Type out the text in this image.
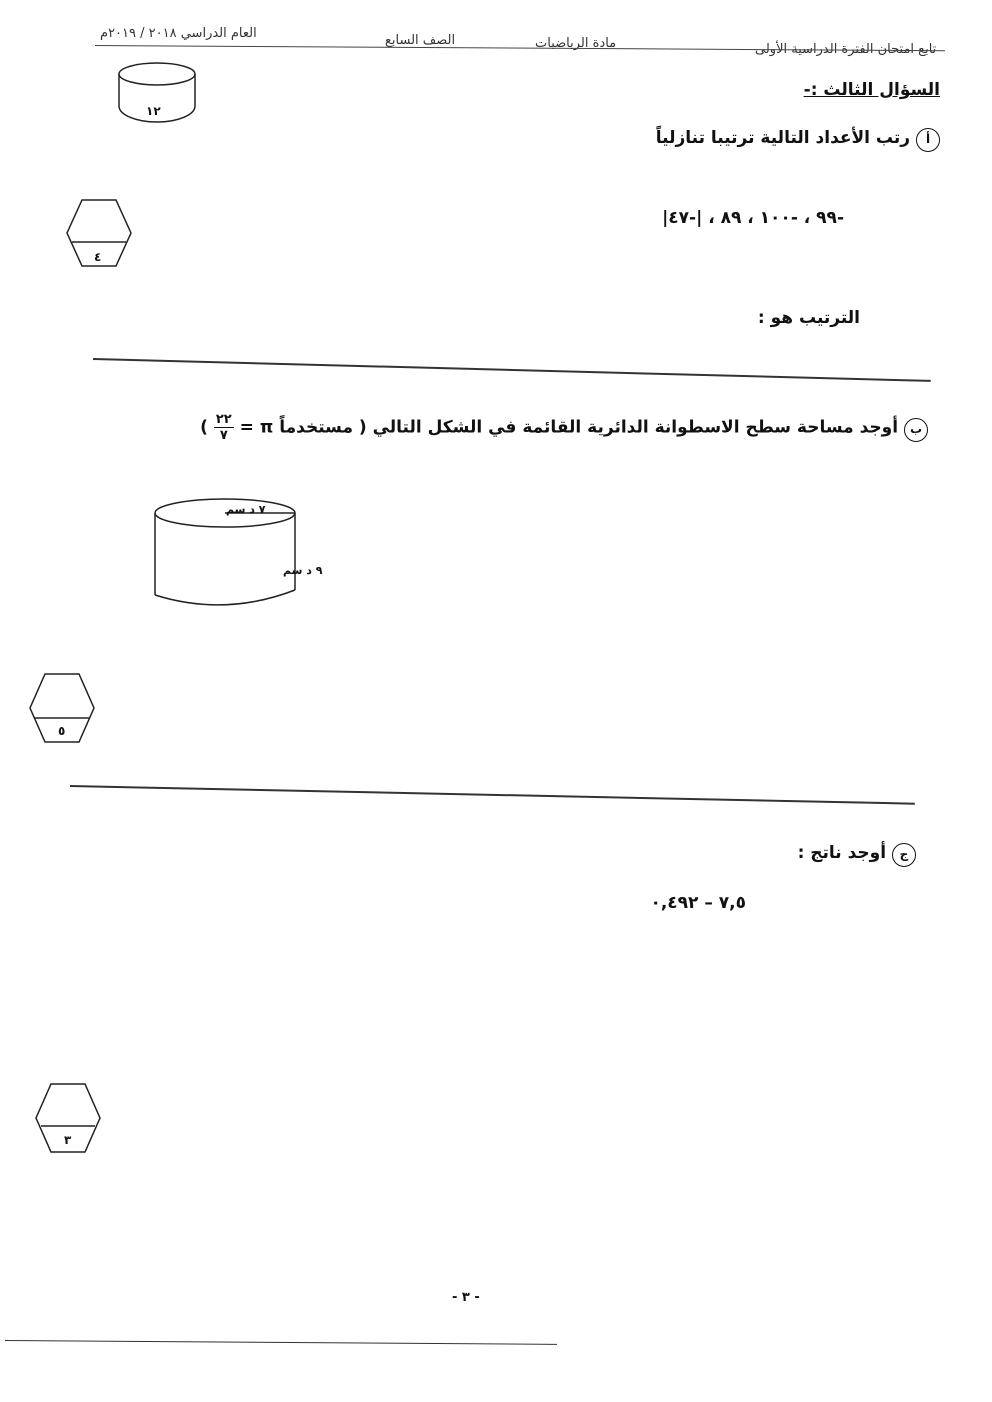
تابع امتحان الفترة الدراسية الأولى
مادة الرياضيات
الصف السابع
العام الدراسي ٢٠١٨ / ٢٠١٩م
١٢
السؤال الثالث :-
أ رتب الأعداد التالية ترتيبا تنازلياً
-٩٩ ، -١٠٠ ، ٨٩ ، |-٤٧|
٤
الترتيب هو :
ب أوجد مساحة سطح الاسطوانة الدائرية القائمة في الشكل التالي ( مستخدماً π =
٢٢
٧
)
٧ د سم
٩ د سم
٥
ج أوجد ناتج :
٧,٥ – ٠,٤٩٢
٣
- ٣ -
